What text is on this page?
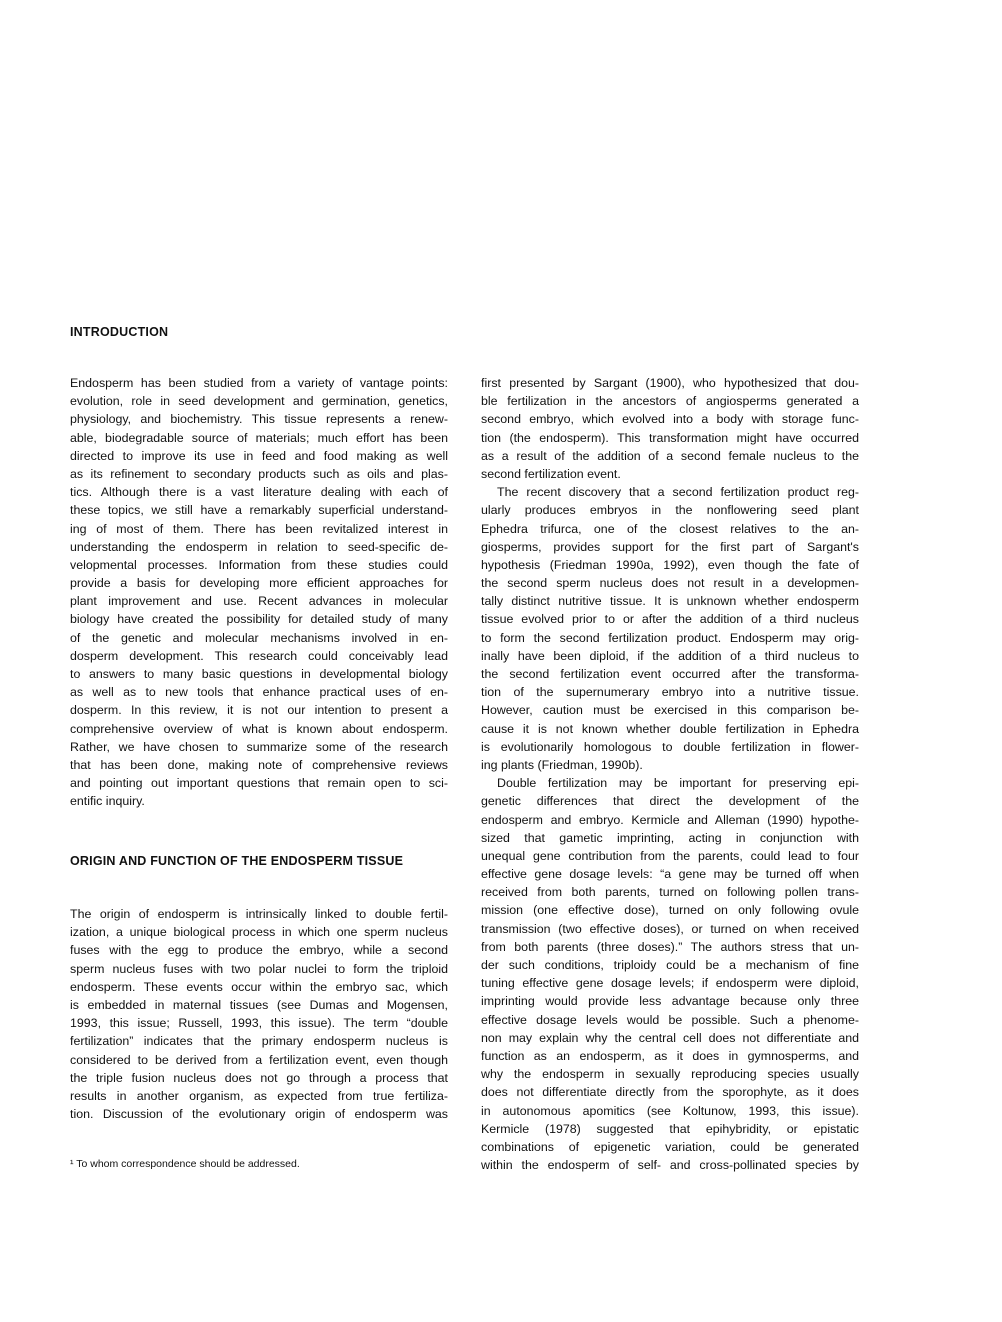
INTRODUCTION
Endosperm has been studied from a variety of vantage points:
evolution, role in seed development and germination, genetics,
physiology, and biochemistry. This tissue represents a renew-
able, biodegradable source of materials; much effort has been
directed to improve its use in feed and food making as well
as its refinement to secondary products such as oils and plas-
tics. Although there is a vast literature dealing with each of
these topics, we still have a remarkably superficial understand-
ing of most of them. There has been revitalized interest in
understanding the endosperm in relation to seed-specific de-
velopmental processes. Information from these studies could
provide a basis for developing more efficient approaches for
plant improvement and use. Recent advances in molecular
biology have created the possibility for detailed study of many
of the genetic and molecular mechanisms involved in en-
dosperm development. This research could conceivably lead
to answers to many basic questions in developmental biology
as well as to new tools that enhance practical uses of en-
dosperm. In this review, it is not our intention to present a
comprehensive overview of what is known about endosperm.
Rather, we have chosen to summarize some of the research
that has been done, making note of comprehensive reviews
and pointing out important questions that remain open to sci-
entific inquiry.
ORIGIN AND FUNCTION OF THE ENDOSPERM TISSUE
The origin of endosperm is intrinsically linked to double fertil-
ization, a unique biological process in which one sperm nucleus
fuses with the egg to produce the embryo, while a second
sperm nucleus fuses with two polar nuclei to form the triploid
endosperm. These events occur within the embryo sac, which
is embedded in maternal tissues (see Dumas and Mogensen,
1993, this issue; Russell, 1993, this issue). The term “double
fertilization” indicates that the primary endosperm nucleus is
considered to be derived from a fertilization event, even though
the triple fusion nucleus does not go through a process that
results in another organism, as expected from true fertiliza-
tion. Discussion of the evolutionary origin of endosperm was
first presented by Sargant (1900), who hypothesized that dou-
ble fertilization in the ancestors of angiosperms generated a
second embryo, which evolved into a body with storage func-
tion (the endosperm). This transformation might have occurred
as a result of the addition of a second female nucleus to the
second fertilization event.
The recent discovery that a second fertilization product reg-
ularly produces embryos in the nonflowering seed plant
Ephedra trifurca, one of the closest relatives to the an-
giosperms, provides support for the first part of Sargant's
hypothesis (Friedman 1990a, 1992), even though the fate of
the second sperm nucleus does not result in a developmen-
tally distinct nutritive tissue. It is unknown whether endosperm
tissue evolved prior to or after the addition of a third nucleus
to form the second fertilization product. Endosperm may orig-
inally have been diploid, if the addition of a third nucleus to
the second fertilization event occurred after the transforma-
tion of the supernumerary embryo into a nutritive tissue.
However, caution must be exercised in this comparison be-
cause it is not known whether double fertilization in Ephedra
is evolutionarily homologous to double fertilization in flower-
ing plants (Friedman, 1990b).
Double fertilization may be important for preserving epi-
genetic differences that direct the development of the
endosperm and embryo. Kermicle and Alleman (1990) hypothe-
sized that gametic imprinting, acting in conjunction with
unequal gene contribution from the parents, could lead to four
effective gene dosage levels: “a gene may be turned off when
received from both parents, turned on following pollen trans-
mission (one effective dose), turned on only following ovule
transmission (two effective doses), or turned on when received
from both parents (three doses).” The authors stress that un-
der such conditions, triploidy could be a mechanism of fine
tuning effective gene dosage levels; if endosperm were diploid,
imprinting would provide less advantage because only three
effective dosage levels would be possible. Such a phenome-
non may explain why the central cell does not differentiate and
function as an endosperm, as it does in gymnosperms, and
why the endosperm in sexually reproducing species usually
does not differentiate directly from the sporophyte, as it does
in autonomous apomitics (see Koltunow, 1993, this issue).
Kermicle (1978) suggested that epihybridity, or epistatic
combinations of epigenetic variation, could be generated
within the endosperm of self- and cross-pollinated species by
¹ To whom correspondence should be addressed.
